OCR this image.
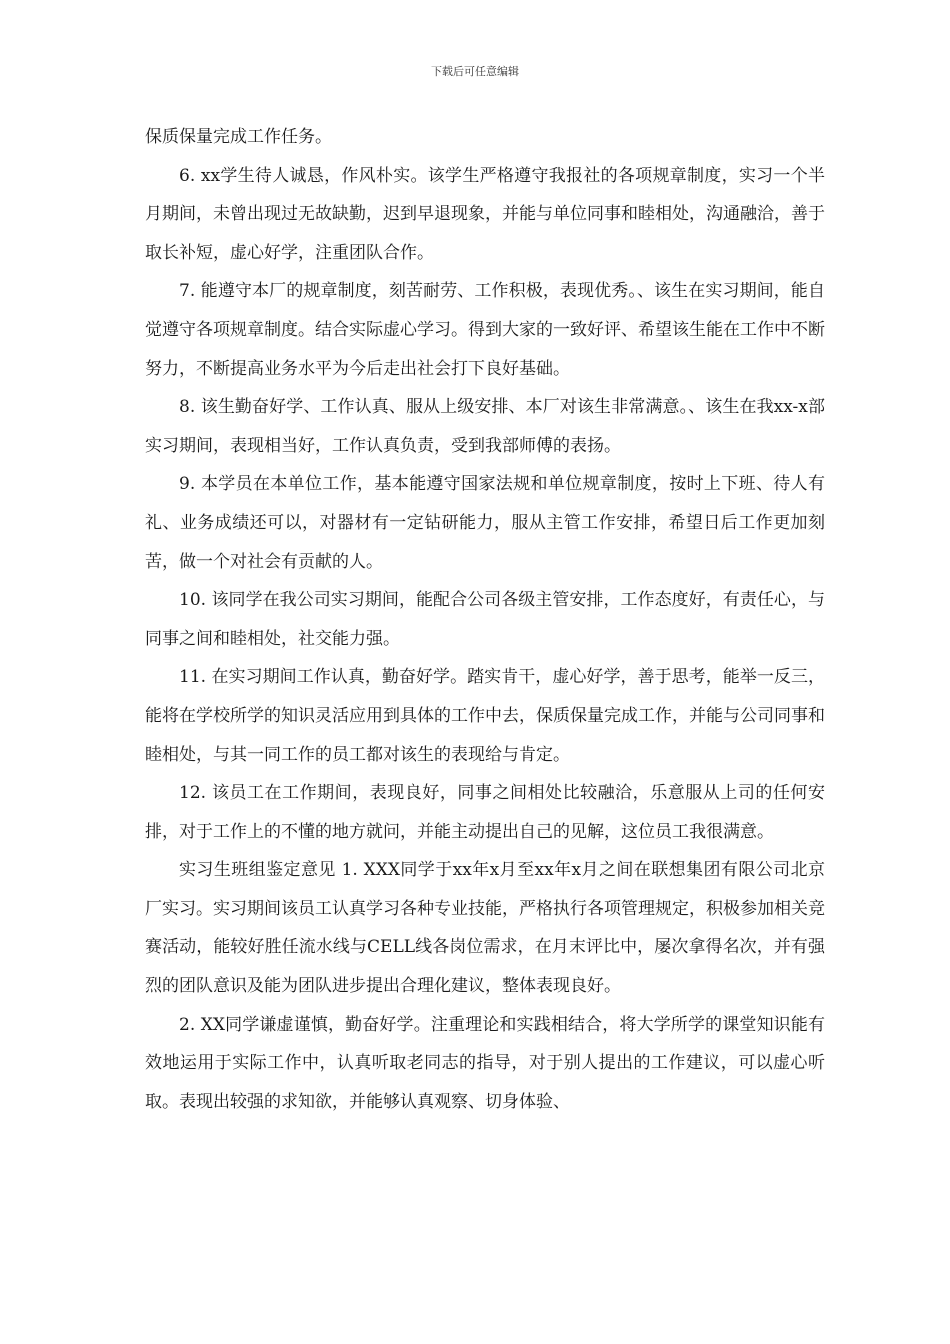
下载后可任意编辑

保质保量完成工作任务。

6. xx学生待人诚恳，作风朴实。该学生严格遵守我报社的各项规章制度，实习一个半月期间，未曾出现过无故缺勤，迟到早退现象，并能与单位同事和睦相处，沟通融洽，善于取长补短，虚心好学，注重团队合作。

7. 能遵守本厂的规章制度，刻苦耐劳、工作积极，表现优秀。、该生在实习期间，能自觉遵守各项规章制度。结合实际虚心学习。得到大家的一致好评、希望该生能在工作中不断努力，不断提高业务水平为今后走出社会打下良好基础。

8. 该生勤奋好学、工作认真、服从上级安排、本厂对该生非常满意。、该生在我xx-x部实习期间，表现相当好，工作认真负责，受到我部师傅的表扬。

9. 本学员在本单位工作，基本能遵守国家法规和单位规章制度，按时上下班、待人有礼、业务成绩还可以，对器材有一定钻研能力，服从主管工作安排，希望日后工作更加刻苦，做一个对社会有贡献的人。

10. 该同学在我公司实习期间，能配合公司各级主管安排，工作态度好，有责任心，与同事之间和睦相处，社交能力强。

11. 在实习期间工作认真，勤奋好学。踏实肯干，虚心好学，善于思考，能举一反三，能将在学校所学的知识灵活应用到具体的工作中去，保质保量完成工作，并能与公司同事和睦相处，与其一同工作的员工都对该生的表现给与肯定。

12. 该员工在工作期间，表现良好，同事之间相处比较融洽，乐意服从上司的任何安排，对于工作上的不懂的地方就问，并能主动提出自己的见解，这位员工我很满意。

实习生班组鉴定意见 1. XXX同学于xx年x月至xx年x月之间在联想集团有限公司北京厂实习。实习期间该员工认真学习各种专业技能，严格执行各项管理规定，积极参加相关竞赛活动，能较好胜任流水线与CELL线各岗位需求，在月末评比中，屡次拿得名次，并有强烈的团队意识及能为团队进步提出合理化建议，整体表现良好。

2. XX同学谦虚谨慎，勤奋好学。注重理论和实践相结合，将大学所学的课堂知识能有效地运用于实际工作中，认真听取老同志的指导，对于别人提出的工作建议，可以虚心听取。表现出较强的求知欲，并能够认真观察、切身体验、
